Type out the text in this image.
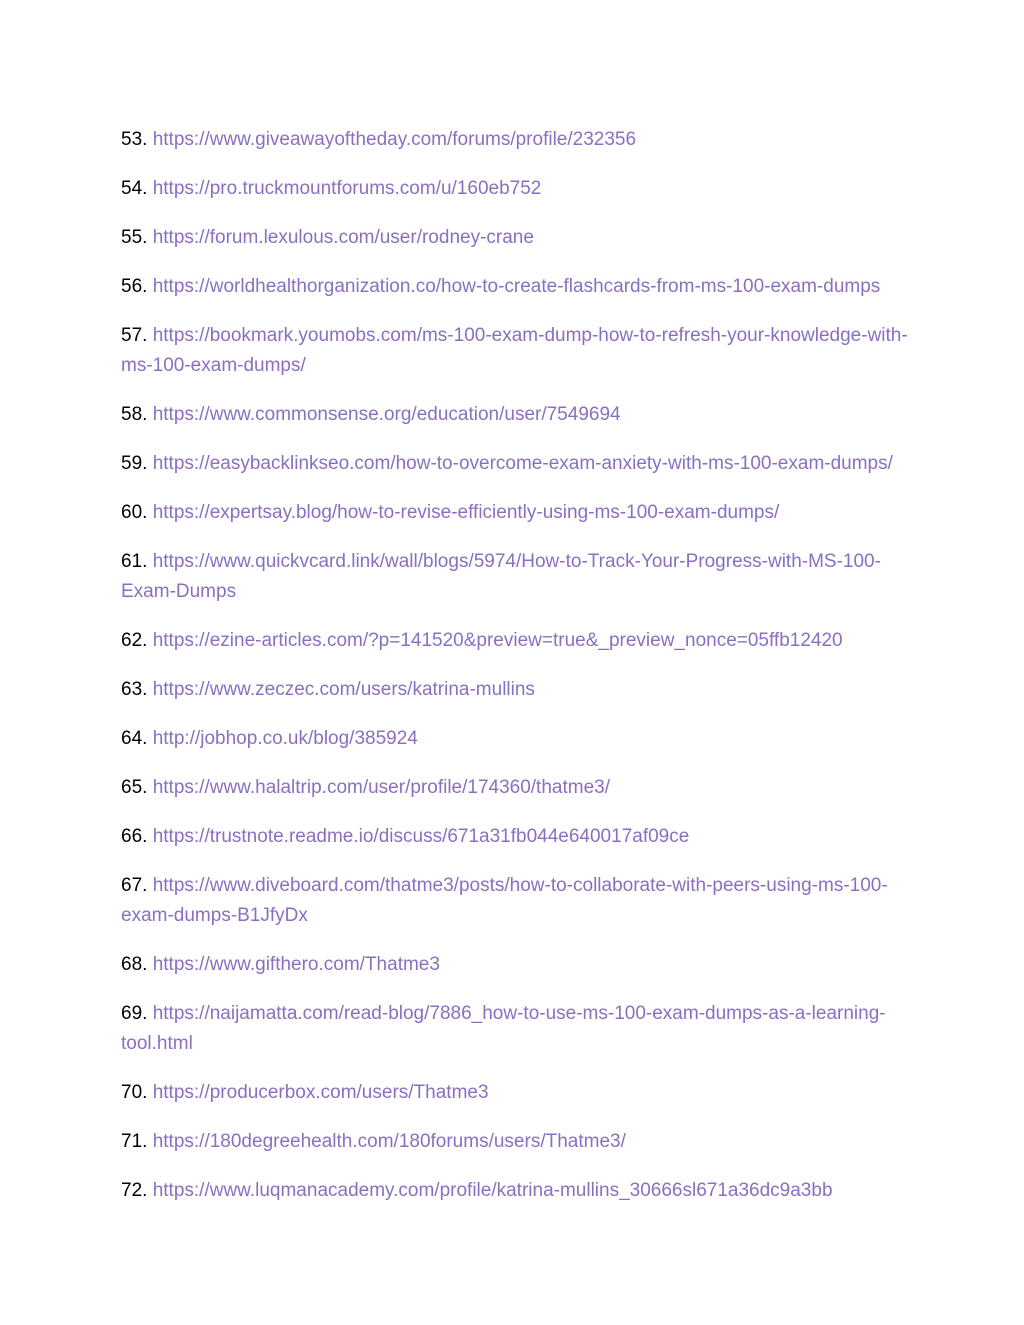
53. https://www.giveawayoftheday.com/forums/profile/232356
54. https://pro.truckmountforums.com/u/160eb752
55. https://forum.lexulous.com/user/rodney-crane
56. https://worldhealthorganization.co/how-to-create-flashcards-from-ms-100-exam-dumps
57. https://bookmark.youmobs.com/ms-100-exam-dump-how-to-refresh-your-knowledge-with-ms-100-exam-dumps/
58. https://www.commonsense.org/education/user/7549694
59. https://easybacklinkseo.com/how-to-overcome-exam-anxiety-with-ms-100-exam-dumps/
60. https://expertsay.blog/how-to-revise-efficiently-using-ms-100-exam-dumps/
61. https://www.quickvcard.link/wall/blogs/5974/How-to-Track-Your-Progress-with-MS-100-Exam-Dumps
62. https://ezine-articles.com/?p=141520&preview=true&_preview_nonce=05ffb12420
63. https://www.zeczec.com/users/katrina-mullins
64. http://jobhop.co.uk/blog/385924
65. https://www.halaltrip.com/user/profile/174360/thatme3/
66. https://trustnote.readme.io/discuss/671a31fb044e640017af09ce
67. https://www.diveboard.com/thatme3/posts/how-to-collaborate-with-peers-using-ms-100-exam-dumps-B1JfyDx
68. https://www.gifthero.com/Thatme3
69. https://naijamatta.com/read-blog/7886_how-to-use-ms-100-exam-dumps-as-a-learning-tool.html
70. https://producerbox.com/users/Thatme3
71. https://180degreehealth.com/180forums/users/Thatme3/
72. https://www.luqmanacademy.com/profile/katrina-mullins_30666sl671a36dc9a3bb
